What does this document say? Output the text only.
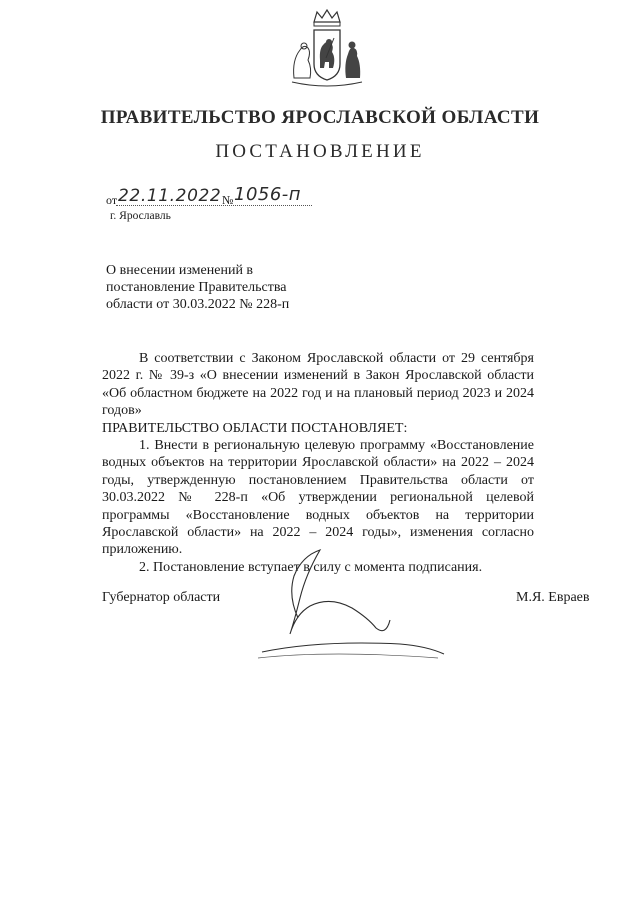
ПРАВИТЕЛЬСТВО ЯРОСЛАВСКОЙ ОБЛАСТИ
ПОСТАНОВЛЕНИЕ
от 22.11.2022 № 1056-п
г. Ярославль
О внесении изменений в
постановление Правительства
области от 30.03.2022 № 228-п

В соответствии с Законом Ярославской области от 29 сентября 2022 г. № 39-з «О внесении изменений в Закон Ярославской области «Об областном бюджете на 2022 год и на плановый период 2023 и 2024 годов»

ПРАВИТЕЛЬСТВО ОБЛАСТИ ПОСТАНОВЛЯЕТ:

1. Внести в региональную целевую программу «Восстановление водных объектов на территории Ярославской области» на 2022 – 2024 годы, утвержденную постановлением Правительства области от 30.03.2022 № 228-п «Об утверждении региональной целевой программы «Восстановление водных объектов на территории Ярославской области» на 2022 – 2024 годы», изменения согласно приложению.

2. Постановление вступает в силу с момента подписания.

Губернатор области	М.Я. Евраев
